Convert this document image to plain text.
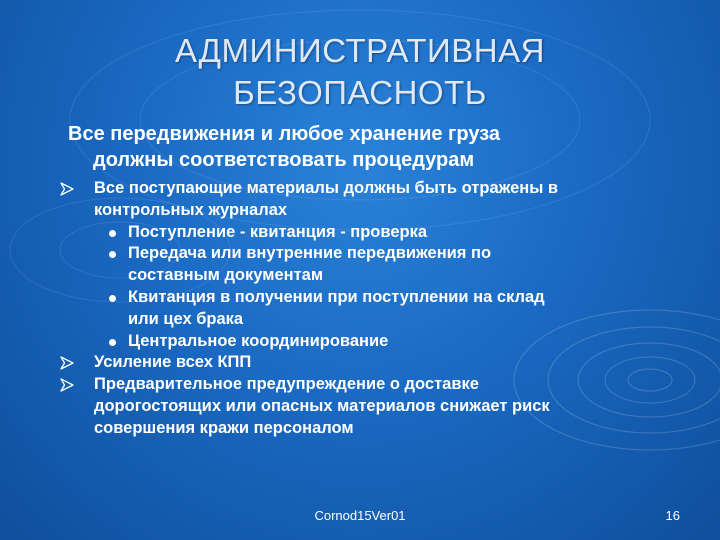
АДМИНИСТРАТИВНАЯ
БЕЗОПАСНОТЬ
Все передвижения и любое хранение груза
должны соответствовать процедурам
Все поступающие материалы должны быть отражены в
контрольных журналах
Поступление - квитанция - проверка
Передача или внутренние передвижения по
составным документам
Квитанция в получении при поступлении на склад
или цех брака
Центральное координирование
Усиление всех КПП
Предварительное предупреждение о доставке
дорогостоящих или опасных материалов снижает риск
совершения кражи персоналом
Cornod15Ver01	16
